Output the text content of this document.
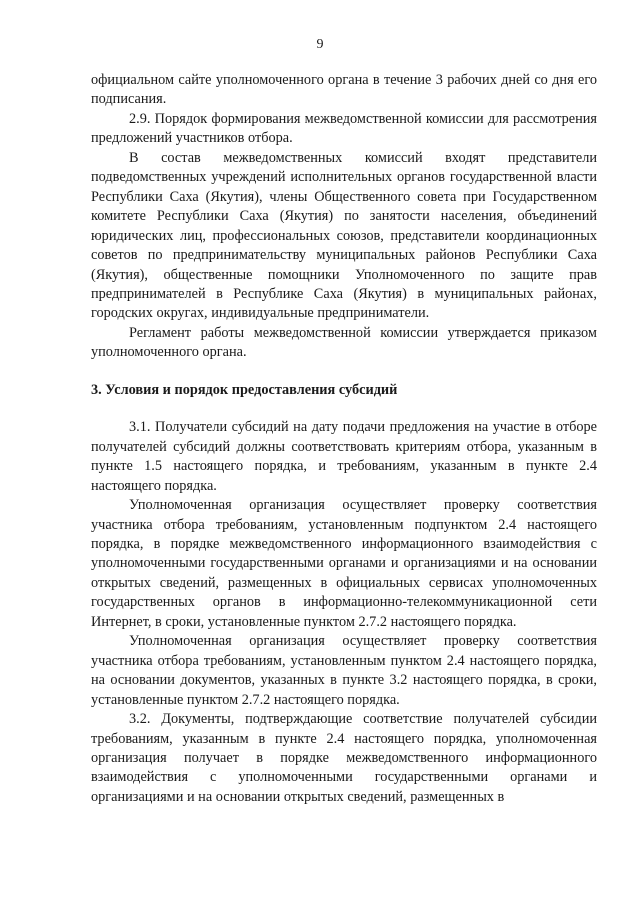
9

официальном сайте уполномоченного органа в течение 3 рабочих дней со дня его подписания.

2.9. Порядок формирования межведомственной комиссии для рассмотрения предложений участников отбора.

В состав межведомственных комиссий входят представители подведомственных учреждений исполнительных органов государственной власти Республики Саха (Якутия), члены Общественного совета при Государственном комитете Республики Саха (Якутия) по занятости населения, объединений юридических лиц, профессиональных союзов, представители координационных советов по предпринимательству муниципальных районов Республики Саха (Якутия), общественные помощники Уполномоченного по защите прав предпринимателей в Республике Саха (Якутия) в муниципальных районах, городских округах, индивидуальные предприниматели.

Регламент работы межведомственной комиссии утверждается приказом уполномоченного органа.

3. Условия и порядок предоставления субсидий

3.1. Получатели субсидий на дату подачи предложения на участие в отборе получателей субсидий должны соответствовать критериям отбора, указанным в пункте 1.5 настоящего порядка, и требованиям, указанным в пункте 2.4 настоящего порядка.

Уполномоченная организация осуществляет проверку соответствия участника отбора требованиям, установленным подпунктом 2.4 настоящего порядка, в порядке межведомственного информационного взаимодействия с уполномоченными государственными органами и организациями и на основании открытых сведений, размещенных в официальных сервисах уполномоченных государственных органов в информационно-телекоммуникационной сети Интернет, в сроки, установленные пунктом 2.7.2 настоящего порядка.

Уполномоченная организация осуществляет проверку соответствия участника отбора требованиям, установленным пунктом 2.4 настоящего порядка, на основании документов, указанных в пункте 3.2 настоящего порядка, в сроки, установленные пунктом 2.7.2 настоящего порядка.

3.2. Документы, подтверждающие соответствие получателей субсидии требованиям, указанным в пункте 2.4 настоящего порядка, уполномоченная организация получает в порядке межведомственного информационного взаимодействия с уполномоченными государственными органами и организациями и на основании открытых сведений, размещенных в
